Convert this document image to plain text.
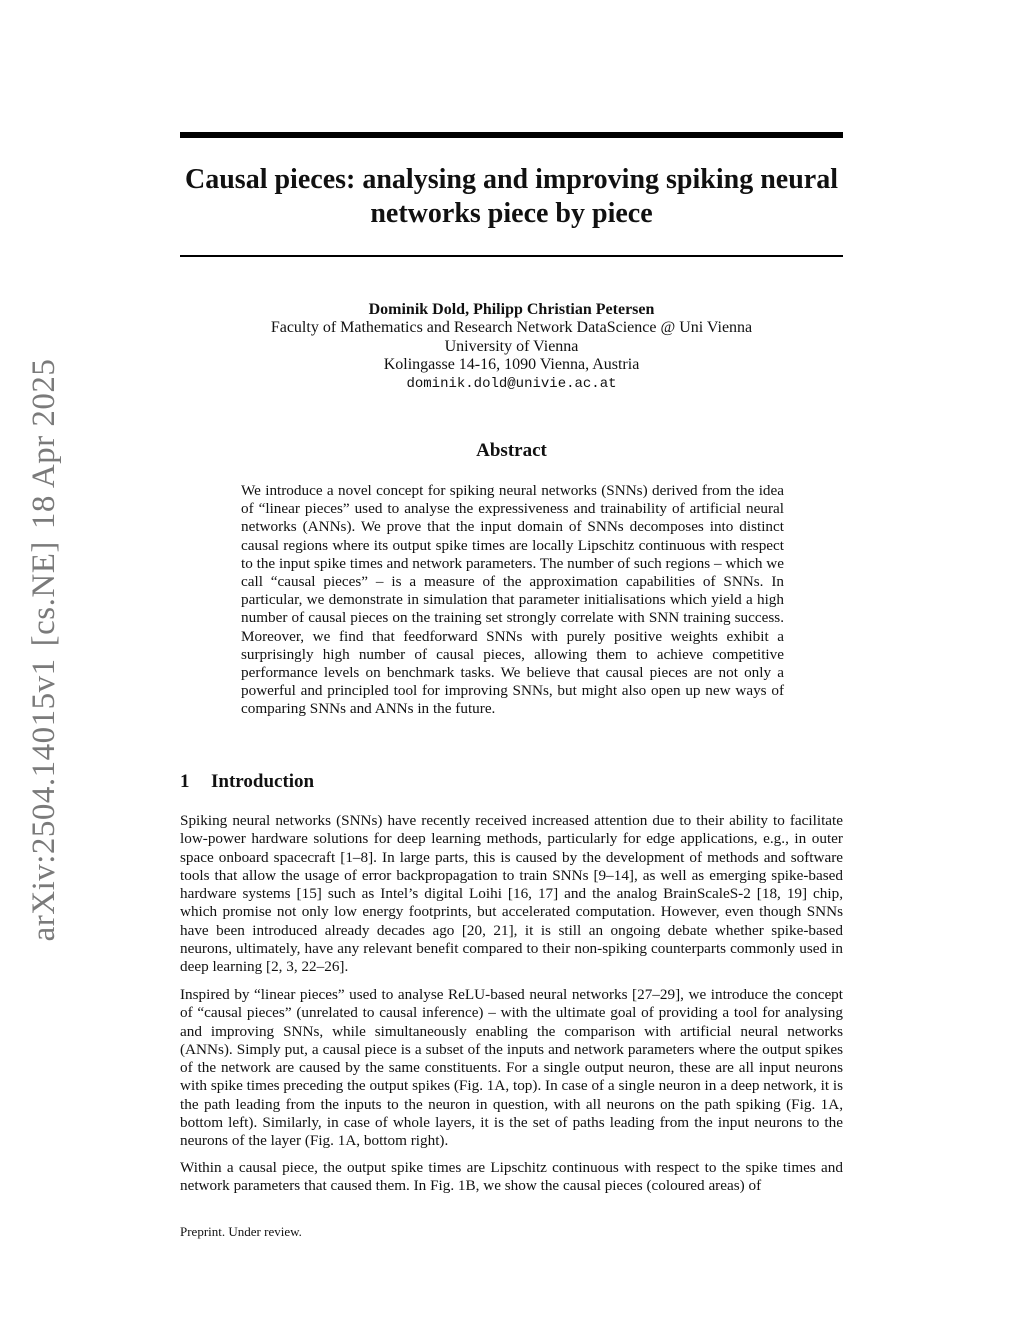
arXiv:2504.14015v1
[cs.NE]
18 Apr 2025
Causal pieces: analysing and improving spiking neural networks piece by piece
Dominik Dold, Philipp Christian Petersen
Faculty of Mathematics and Research Network DataScience @ Uni Vienna
University of Vienna
Kolingasse 14-16, 1090 Vienna, Austria
dominik.dold@univie.ac.at
Abstract

We introduce a novel concept for spiking neural networks (SNNs) derived from the idea of “linear pieces” used to analyse the expressiveness and trainability of artificial neural networks (ANNs). We prove that the input domain of SNNs decomposes into distinct causal regions where its output spike times are locally Lipschitz continuous with respect to the input spike times and network parameters. The number of such regions – which we call “causal pieces” – is a measure of the approximation capabilities of SNNs. In particular, we demonstrate in simulation that parameter initialisations which yield a high number of causal pieces on the training set strongly correlate with SNN training success. Moreover, we find that feedforward SNNs with purely positive weights exhibit a surprisingly high number of causal pieces, allowing them to achieve competitive performance levels on benchmark tasks. We believe that causal pieces are not only a powerful and principled tool for improving SNNs, but might also open up new ways of comparing SNNs and ANNs in the future.

1 Introduction

Spiking neural networks (SNNs) have recently received increased attention due to their ability to facilitate low-power hardware solutions for deep learning methods, particularly for edge applications, e.g., in outer space onboard spacecraft [1–8]. In large parts, this is caused by the development of methods and software tools that allow the usage of error backpropagation to train SNNs [9–14], as well as emerging spike-based hardware systems [15] such as Intel’s digital Loihi [16, 17] and the analog BrainScaleS-2 [18, 19] chip, which promise not only low energy footprints, but accelerated computation. However, even though SNNs have been introduced already decades ago [20, 21], it is still an ongoing debate whether spike-based neurons, ultimately, have any relevant benefit compared to their non-spiking counterparts commonly used in deep learning [2, 3, 22–26].

Inspired by “linear pieces” used to analyse ReLU-based neural networks [27–29], we introduce the concept of “causal pieces” (unrelated to causal inference) – with the ultimate goal of providing a tool for analysing and improving SNNs, while simultaneously enabling the comparison with artificial neural networks (ANNs). Simply put, a causal piece is a subset of the inputs and network parameters where the output spikes of the network are caused by the same constituents. For a single output neuron, these are all input neurons with spike times preceding the output spikes (Fig. 1A, top). In case of a single neuron in a deep network, it is the path leading from the inputs to the neuron in question, with all neurons on the path spiking (Fig. 1A, bottom left). Similarly, in case of whole layers, it is the set of paths leading from the input neurons to the neurons of the layer (Fig. 1A, bottom right).

Within a causal piece, the output spike times are Lipschitz continuous with respect to the spike times and network parameters that caused them. In Fig. 1B, we show the causal pieces (coloured areas) of

Preprint. Under review.
